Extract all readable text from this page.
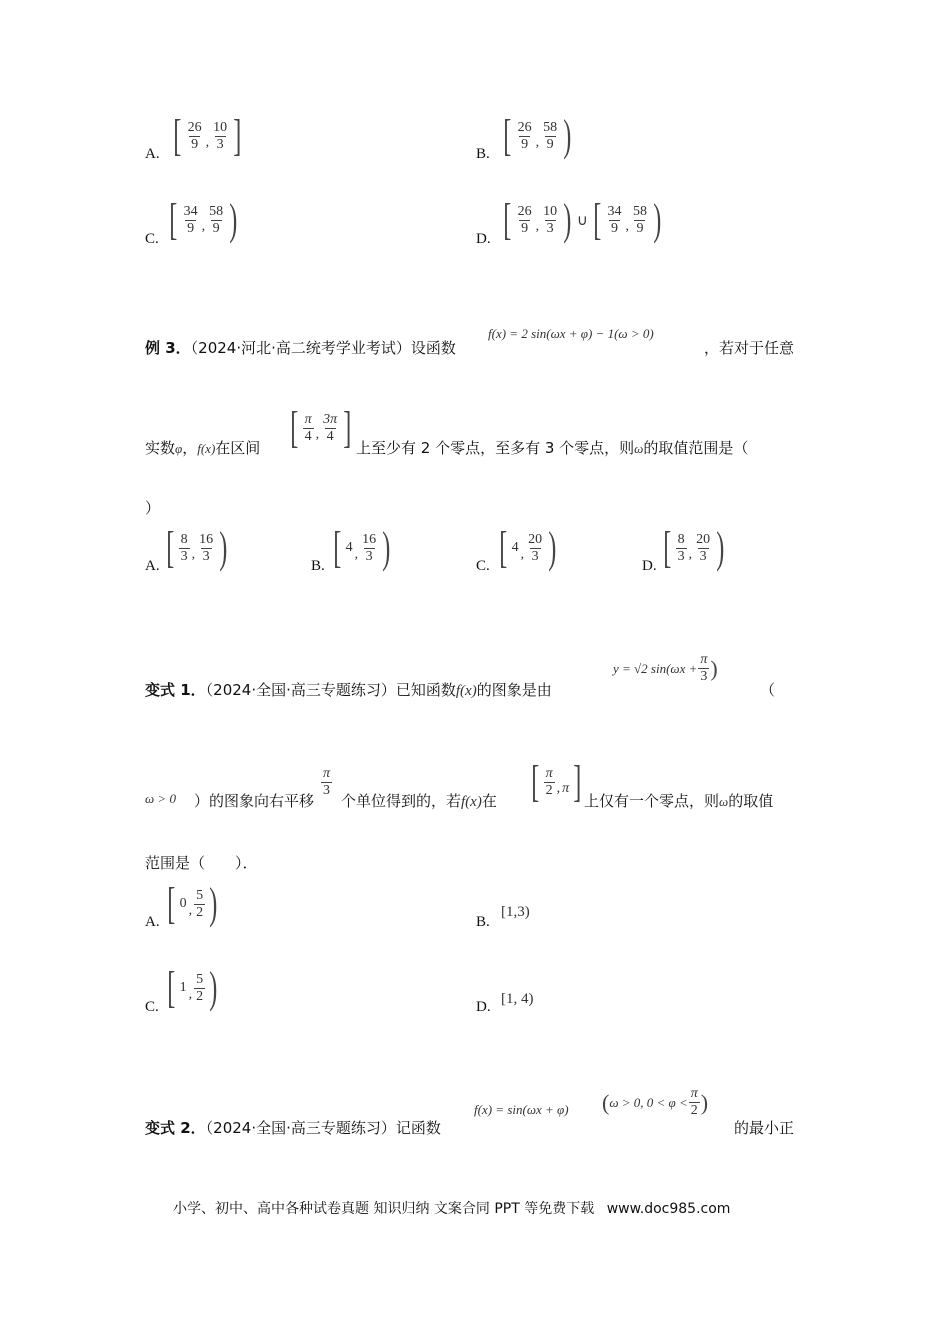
A. [ $\frac{26}{9}$ , $\frac{10}{3}$ ]	B. [ $\frac{26}{9}$ , $\frac{58}{9}$ )
C. [ $\frac{34}{9}$ , $\frac{58}{9}$ )	D. [ $\frac{26}{9}$ , $\frac{10}{3}$ ) ∪ [ $\frac{34}{9}$ , $\frac{58}{9}$ )
例 3．（2024·河北·高二统考学业考试）设函数
f(x) = 2 sin(ωx + φ) − 1(ω > 0)
，若对于任意
实数φ，f(x)在区间 [ $\frac{\pi}{4}$ , $\frac{3\pi}{4}$ ] 上至少有 2 个零点，至多有 3 个零点，则ω的取值范围是（
）
A. [ $\frac{8}{3}$ , $\frac{16}{3}$ )	B. [ 4 , $\frac{16}{3}$ )	C. [ 4 , $\frac{20}{3}$ )	D. [ $\frac{8}{3}$ , $\frac{20}{3}$ )
变式 1．（2024·全国·高三专题练习）已知函数f(x)的图象是由
y = √2 $\sin(\omega x + \frac{\pi}{3}$ )
（
ω > 0 ）的图象向右平移
$\frac{\pi}{3}$
个单位得到的，若f(x)在 [ $\frac{\pi}{2}$ , π ] 上仅有一个零点，则ω的取值
范围是（　　）．
A. [ 0 , $\frac{5}{2}$ )	B.
[1,3)
C. [ 1 , $\frac{5}{2}$ )	D. [1, 4)
变式 2．（2024·全国·高三专题练习）记函数
f(x) = sin(ωx + φ) ( ω > 0, $0 < \varphi < \frac{\pi}{2}$ )
的最小正
小学、初中、高中各种试卷真题 知识归纳 文案合同 PPT 等免费下载 www.doc985.com
